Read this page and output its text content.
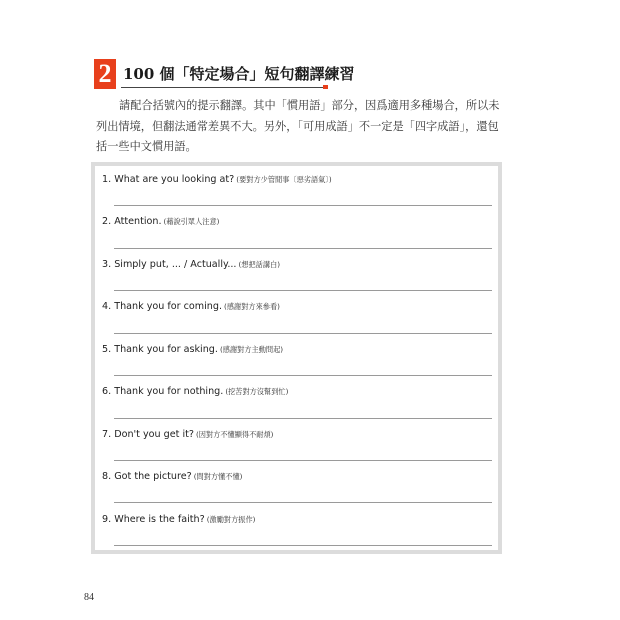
2 100 個「特定場合」短句翻譯練習

請配合括號內的提示翻譯。其中「慣用語」部分，因爲適用多種場合，所以未列出情境，但翻法通常差異不大。另外，「可用成語」不一定是「四字成語」，還包括一些中文慣用語。

1. What are you looking at? (要對方少管閒事〔惡劣語氣〕)
2. Attention. (藉說引眾人注意)
3. Simply put, ... / Actually... (想把話講白)
4. Thank you for coming. (感謝對方來參看)
5. Thank you for asking. (感謝對方主動問起)
6. Thank you for nothing. (挖苦對方沒幫到忙)
7. Don't you get it? (因對方不懂顯得不耐煩)
8. Got the picture? (問對方懂不懂)
9. Where is the faith? (激勵對方振作)
84
